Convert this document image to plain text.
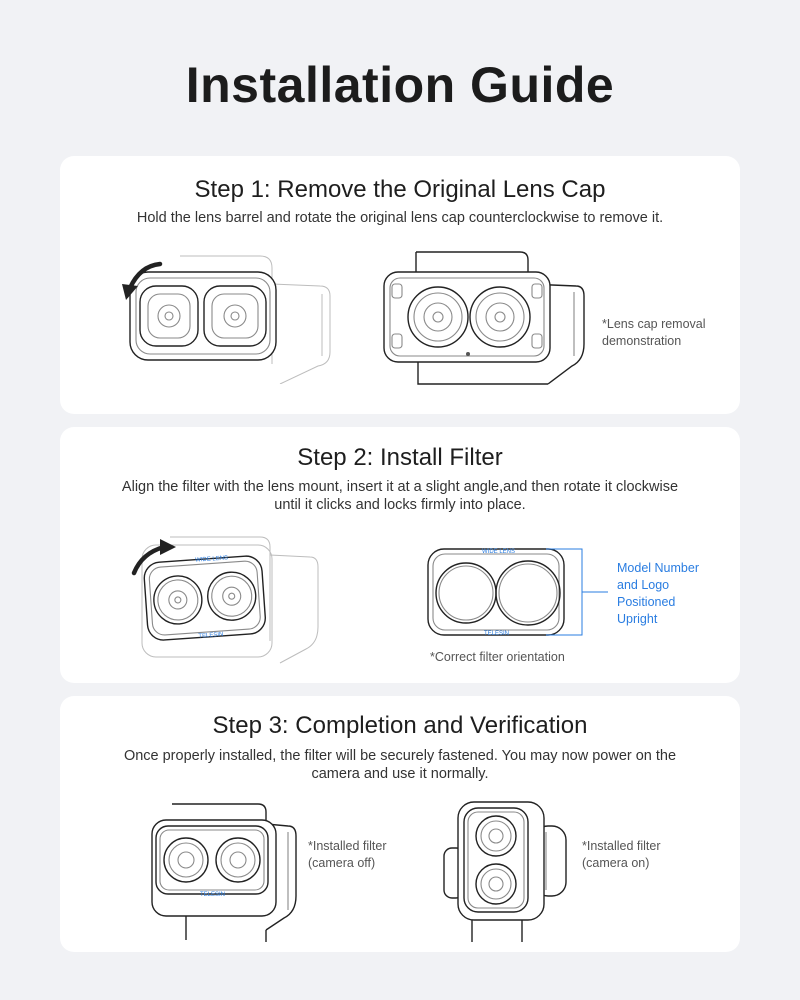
Installation Guide
Step 1: Remove the Original Lens Cap
Hold the lens barrel and rotate the original lens cap counterclockwise to remove it.
*Lens cap removal
demonstration
Step 2: Install Filter
Align the filter with the lens mount, insert it at a slight angle,and then rotate it clockwise until it clicks and locks firmly into place.
WIDE LENS
TELESIN
WIDE LENS
TELESIN
Model Number
and Logo
Positioned
Upright
*Correct filter orientation
Step 3: Completion and Verification
Once properly installed, the filter will be securely fastened. You may now power on the camera and use it normally.
TELESIN
*Installed filter
(camera off)
*Installed filter
(camera on)
